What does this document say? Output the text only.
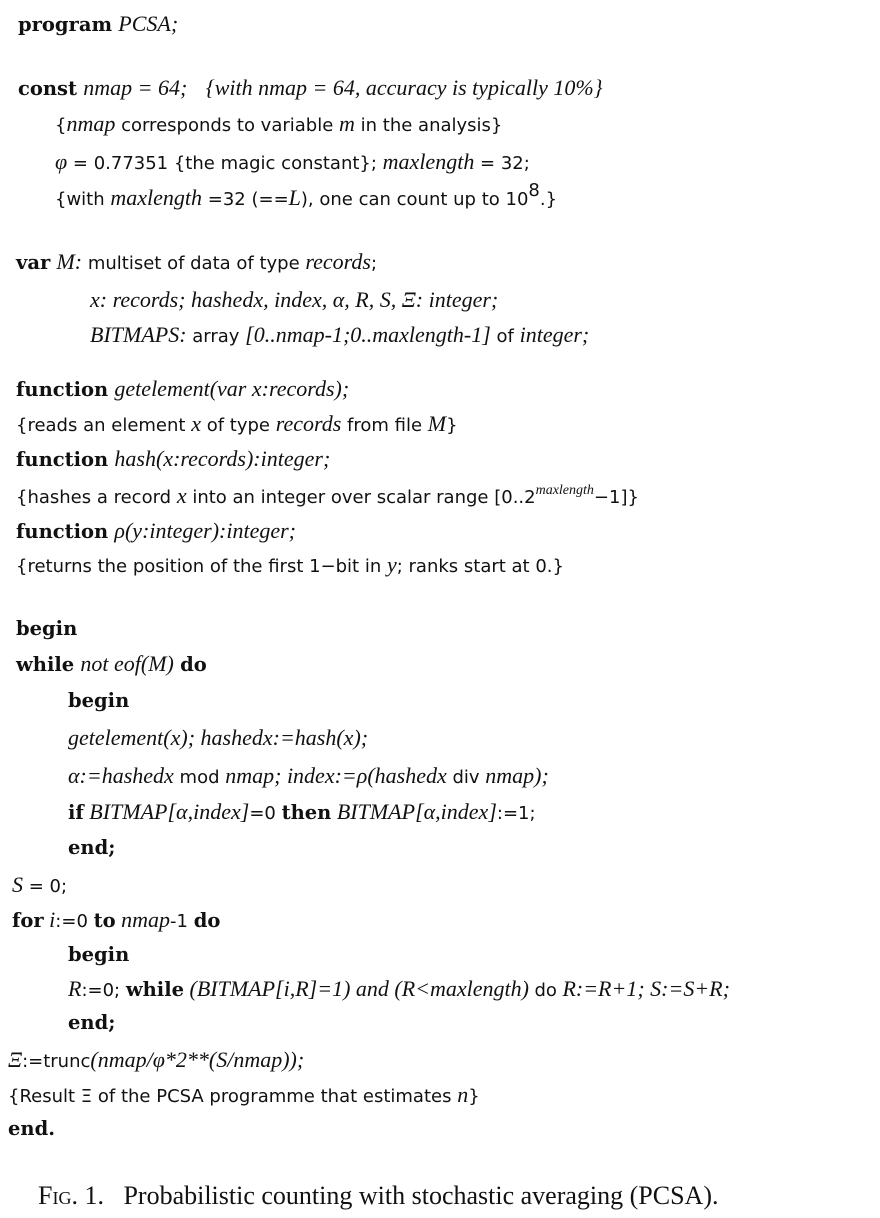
program PCSA;
const nmap = 64; {with nmap = 64, accuracy is typically 10%}
{nmap corresponds to variable m in the analysis}
φ = 0.77351 {the magic constant}; maxlength = 32;
{with maxlength =32 (==L), one can count up to $10^8$.}
var M: multiset of data of type records;
x: records; hashedx, index, α, R, S, Ξ: integer;
BITMAPS: array [0..nmap-1;0..maxlength-1] of integer;
function getelement(var x:records);
{reads an element x of type records from file M}
function hash(x:records):integer;
{hashes a record x into an integer over scalar range $[0..2^{maxlength}-1]$}
function ρ(y:integer):integer;
{returns the position of the first 1−bit in y; ranks start at 0.}
begin
while not eof(M) do
begin
getelement(x); hashedx:=hash(x);
α:=hashedx mod nmap; index:=ρ(hashedx div nmap);
if BITMAP[α,index]=0 then BITMAP[α,index]:=1;
end;
S = 0;
for i:=0 to nmap-1 do
begin
R:=0; while (BITMAP[i,R]=1) and (R<maxlength) do R:=R+1; S:=S+R;
end;
Ξ:=trunc(nmap/φ*2**(S/nmap));
{Result Ξ of the PCSA programme that estimates n}
end.
Fig. 1. Probabilistic counting with stochastic averaging (PCSA).
